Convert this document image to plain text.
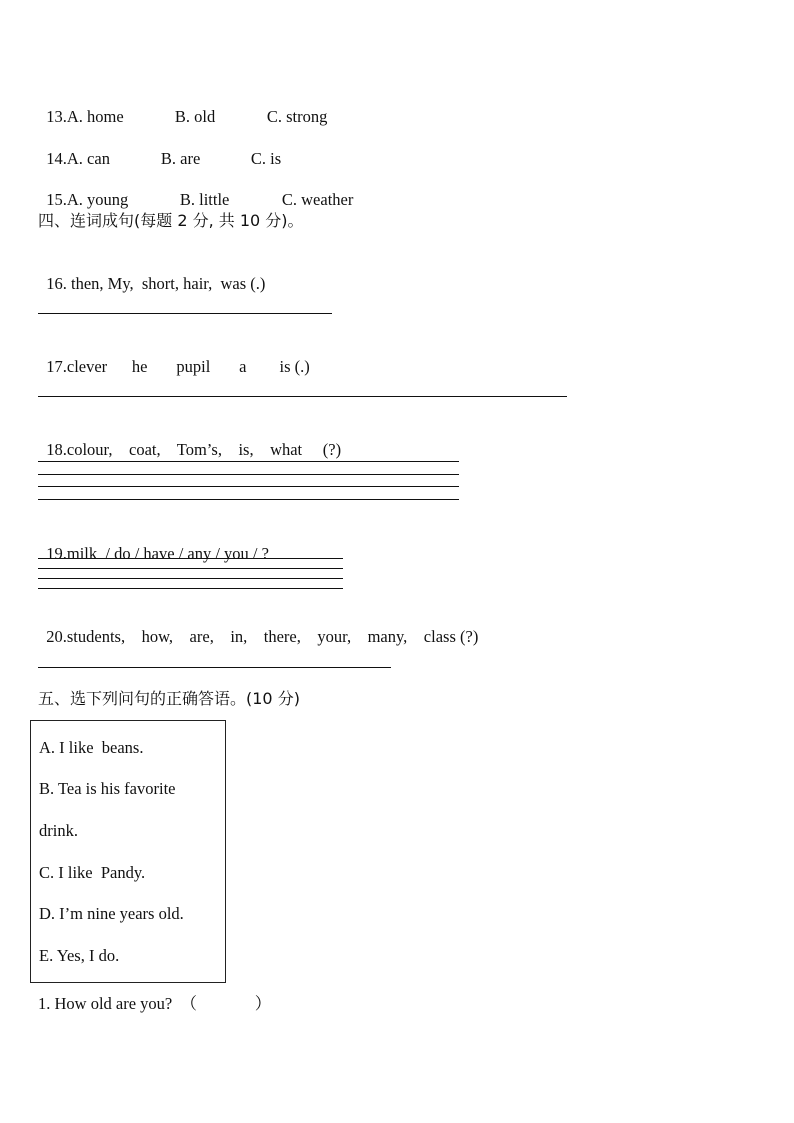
13.A. home	B. old	C. strong

14.A. can	B. are	C. is

15.A. young	B. little	C. weather

四、连词成句(每题 2 分, 共 10 分)。

16. then, My,  short, hair,  was (.)

17.clever      he       pupil       a        is (.)

18.colour,    coat,    Tom’s,    is,    what     (?)

19.milk  / do / have / any / you / ?

20.students,    how,    are,    in,    there,    your,    many,    class (?)

五、选下列问句的正确答语。(10 分)
A. I like  beans.
B. Tea is his favorite
drink.
C. I like  Pandy.
D. I’m nine years old.
E. Yes, I do.
1. How old are you?  （              ）
